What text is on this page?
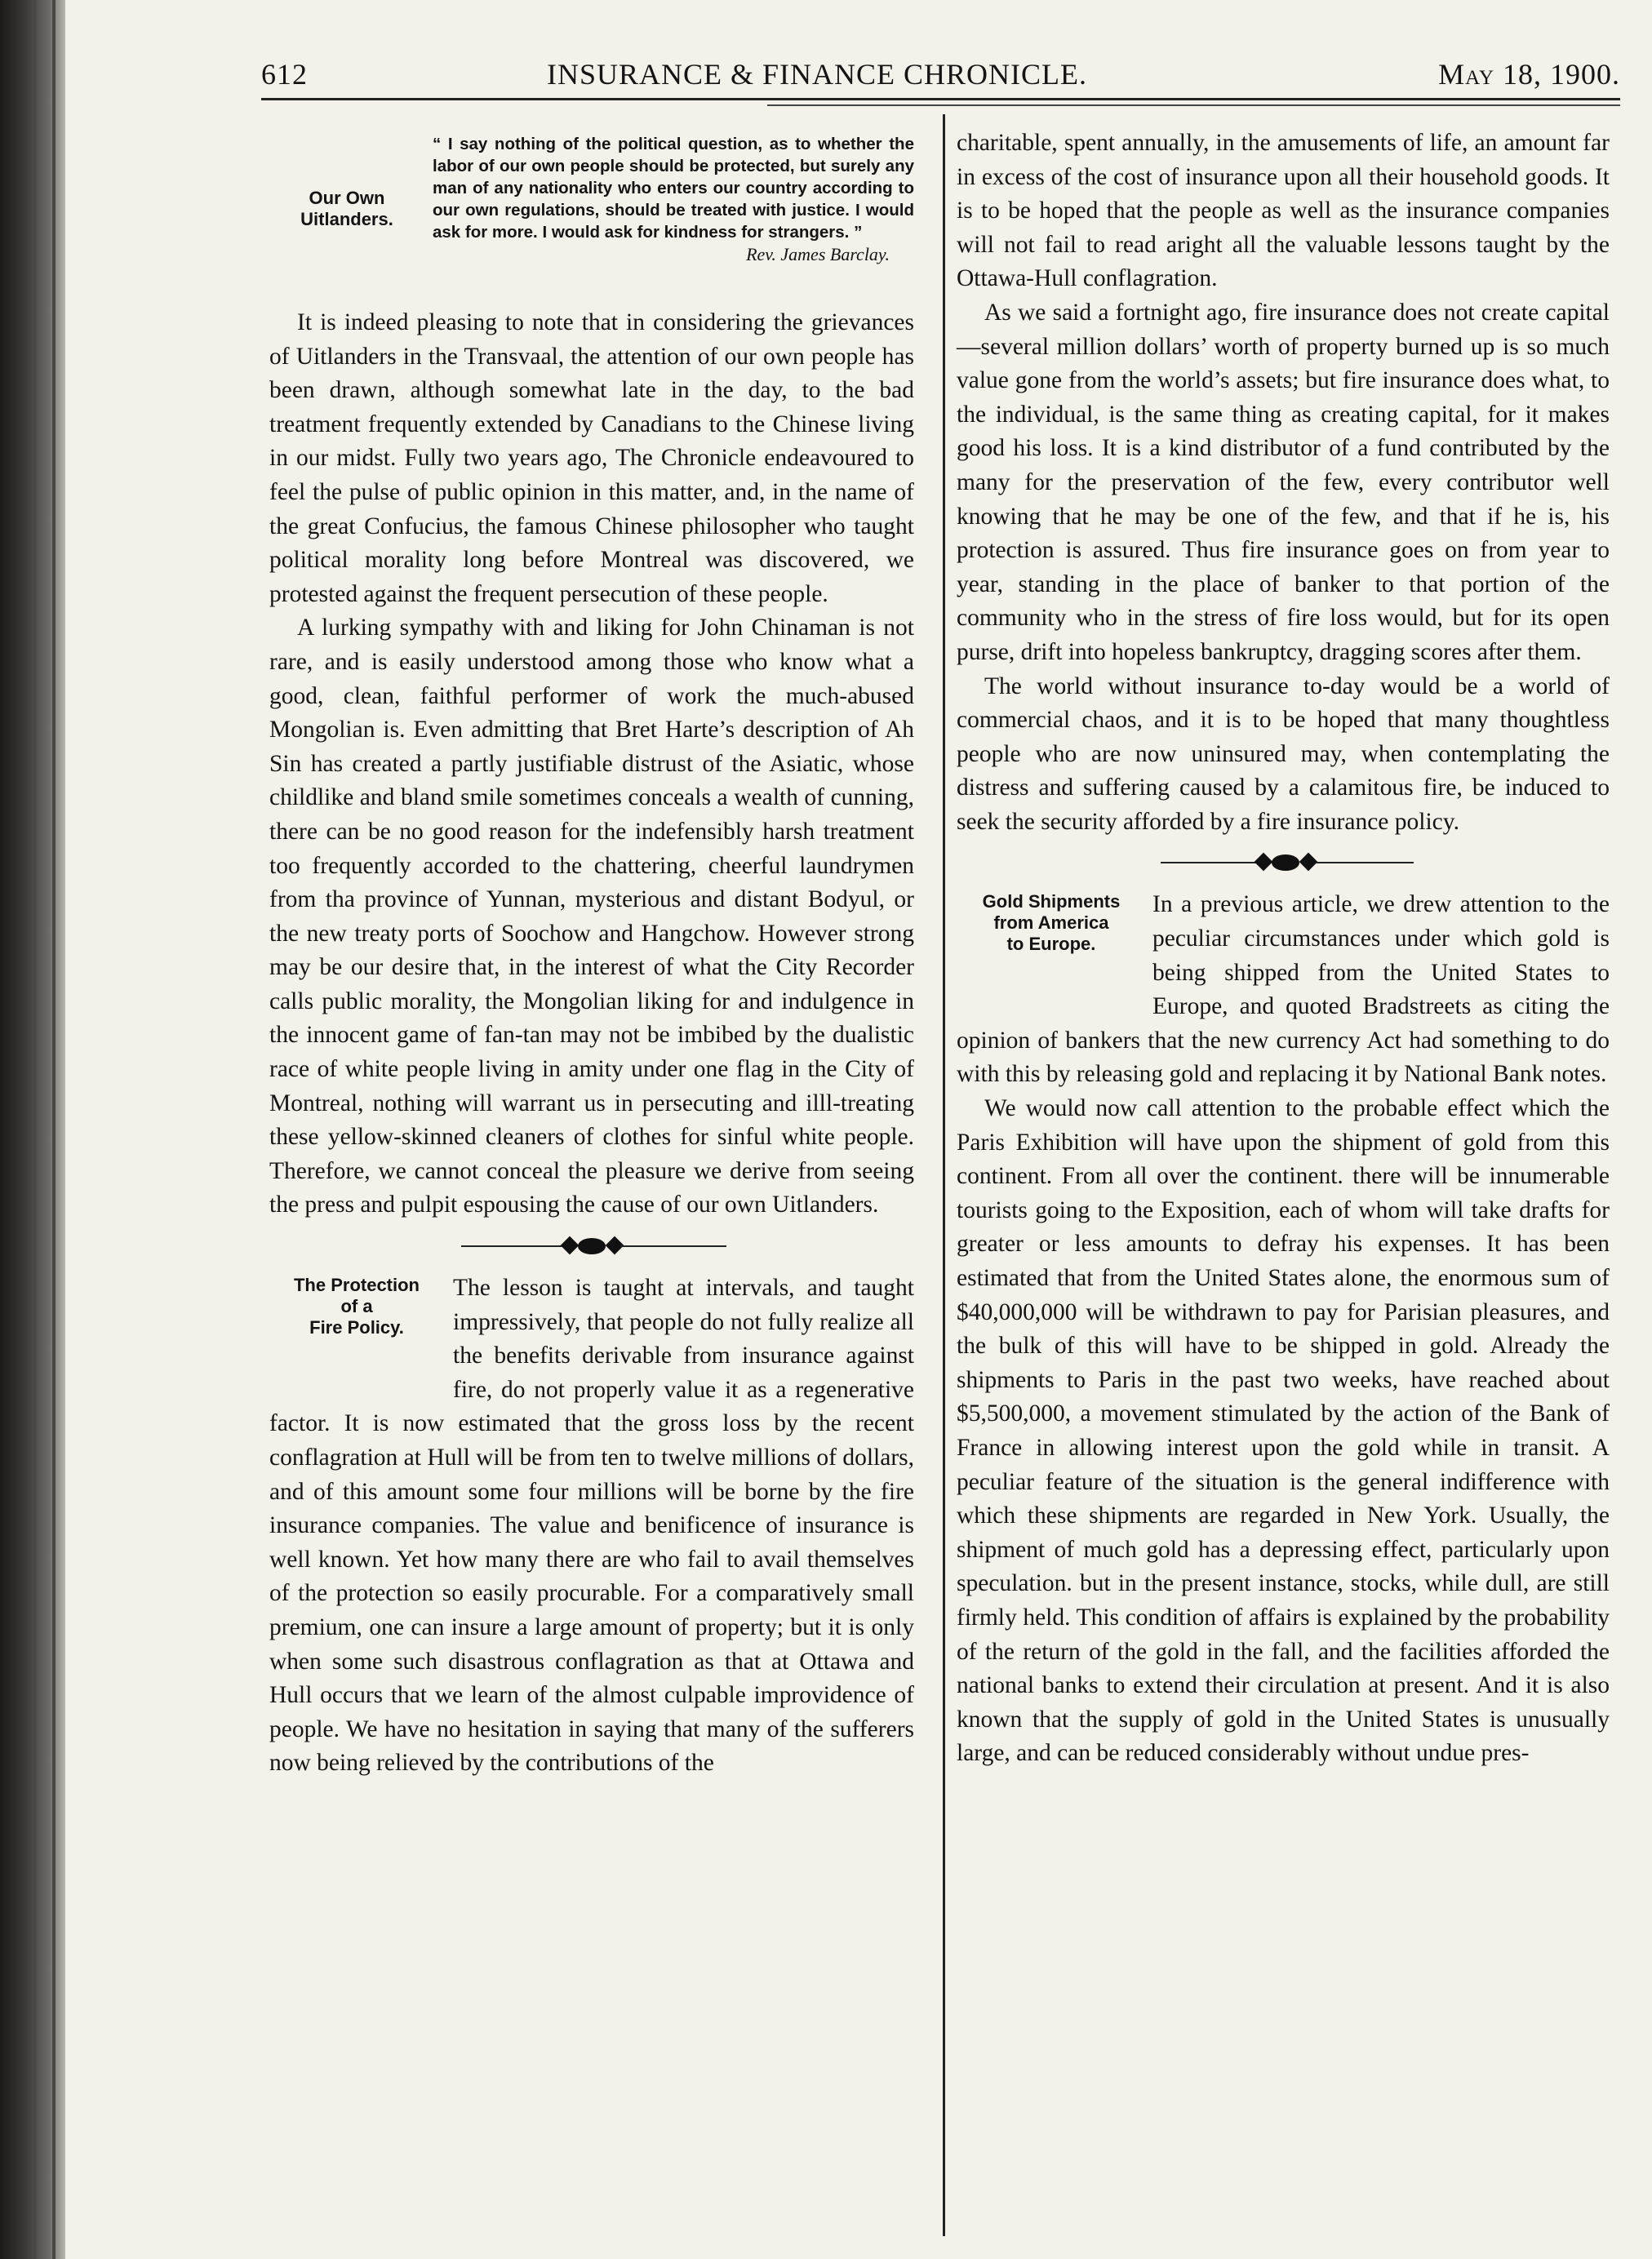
612	INSURANCE & FINANCE CHRONICLE.	May 18, 1900.
Our Own
Uitlanders.
“ I say nothing of the political question, as to whether the labor of our own people should be protected, but surely any man of any nationality who enters our country according to our own regulations, should be treated with justice. I would ask for more. I would ask for kindness for strangers. ”
Rev. James Barclay.

It is indeed pleasing to note that in considering the grievances of Uitlanders in the Transvaal, the attention of our own people has been drawn, although somewhat late in the day, to the bad treatment frequently extended by Canadians to the Chinese living in our midst. Fully two years ago, The Chronicle endeavoured to feel the pulse of public opinion in this matter, and, in the name of the great Confucius, the famous Chinese philosopher who taught political morality long before Montreal was discovered, we protested against the frequent persecution of these people.

A lurking sympathy with and liking for John Chinaman is not rare, and is easily understood among those who know what a good, clean, faithful performer of work the much-abused Mongolian is. Even admitting that Bret Harte’s description of Ah Sin has created a partly justifiable distrust of the Asiatic, whose childlike and bland smile sometimes conceals a wealth of cunning, there can be no good reason for the indefensibly harsh treatment too frequently accorded to the chattering, cheerful laundrymen from tha province of Yunnan, mysterious and distant Bodyul, or the new treaty ports of Soochow and Hangchow. However strong may be our desire that, in the interest of what the City Recorder calls public morality, the Mongolian liking for and indulgence in the innocent game of fan-tan may not be imbibed by the dualistic race of white people living in amity under one flag in the City of Montreal, nothing will warrant us in persecuting and illl-treating these yellow-skinned cleaners of clothes for sinful white people. Therefore, we cannot conceal the pleasure we derive from seeing the press and pulpit espousing the cause of our own Uitlanders.

The Protection
of a
Fire Policy.

The lesson is taught at intervals, and taught impressively, that people do not fully realize all the benefits derivable from insurance against fire, do not properly value it as a regenerative factor. It is now estimated that the gross loss by the recent conflagration at Hull will be from ten to twelve millions of dollars, and of this amount some four millions will be borne by the fire insurance companies. The value and benificence of insurance is well known. Yet how many there are who fail to avail themselves of the protection so easily procurable. For a comparatively small premium, one can insure a large amount of property; but it is only when some such disastrous conflagration as that at Ottawa and Hull occurs that we learn of the almost culpable improvidence of people. We have no hesitation in saying that many of the sufferers now being relieved by the contributions of the

charitable, spent annually, in the amusements of life, an amount far in excess of the cost of insurance upon all their household goods. It is to be hoped that the people as well as the insurance companies will not fail to read aright all the valuable lessons taught by the Ottawa-Hull conflagration.

As we said a fortnight ago, fire insurance does not create capital—several million dollars’ worth of property burned up is so much value gone from the world’s assets; but fire insurance does what, to the individual, is the same thing as creating capital, for it makes good his loss. It is a kind distributor of a fund contributed by the many for the preservation of the few, every contributor well knowing that he may be one of the few, and that if he is, his protection is assured. Thus fire insurance goes on from year to year, standing in the place of banker to that portion of the community who in the stress of fire loss would, but for its open purse, drift into hopeless bankruptcy, dragging scores after them.

The world without insurance to-day would be a world of commercial chaos, and it is to be hoped that many thoughtless people who are now uninsured may, when contemplating the distress and suffering caused by a calamitous fire, be induced to seek the security afforded by a fire insurance policy.

Gold Shipments
from America
to Europe.

In a previous article, we drew attention to the peculiar circumstances under which gold is being shipped from the United States to Europe, and quoted Bradstreets as citing the opinion of bankers that the new currency Act had something to do with this by releasing gold and replacing it by National Bank notes.

We would now call attention to the probable effect which the Paris Exhibition will have upon the shipment of gold from this continent. From all over the continent. there will be innumerable tourists going to the Exposition, each of whom will take drafts for greater or less amounts to defray his expenses. It has been estimated that from the United States alone, the enormous sum of $40,000,000 will be withdrawn to pay for Parisian pleasures, and the bulk of this will have to be shipped in gold. Already the shipments to Paris in the past two weeks, have reached about $5,500,000, a movement stimulated by the action of the Bank of France in allowing interest upon the gold while in transit. A peculiar feature of the situation is the general indifference with which these shipments are regarded in New York. Usually, the shipment of much gold has a depressing effect, particularly upon speculation. but in the present instance, stocks, while dull, are still firmly held. This condition of affairs is explained by the probability of the return of the gold in the fall, and the facilities afforded the national banks to extend their circulation at present. And it is also known that the supply of gold in the United States is unusually large, and can be reduced considerably without undue pres-
